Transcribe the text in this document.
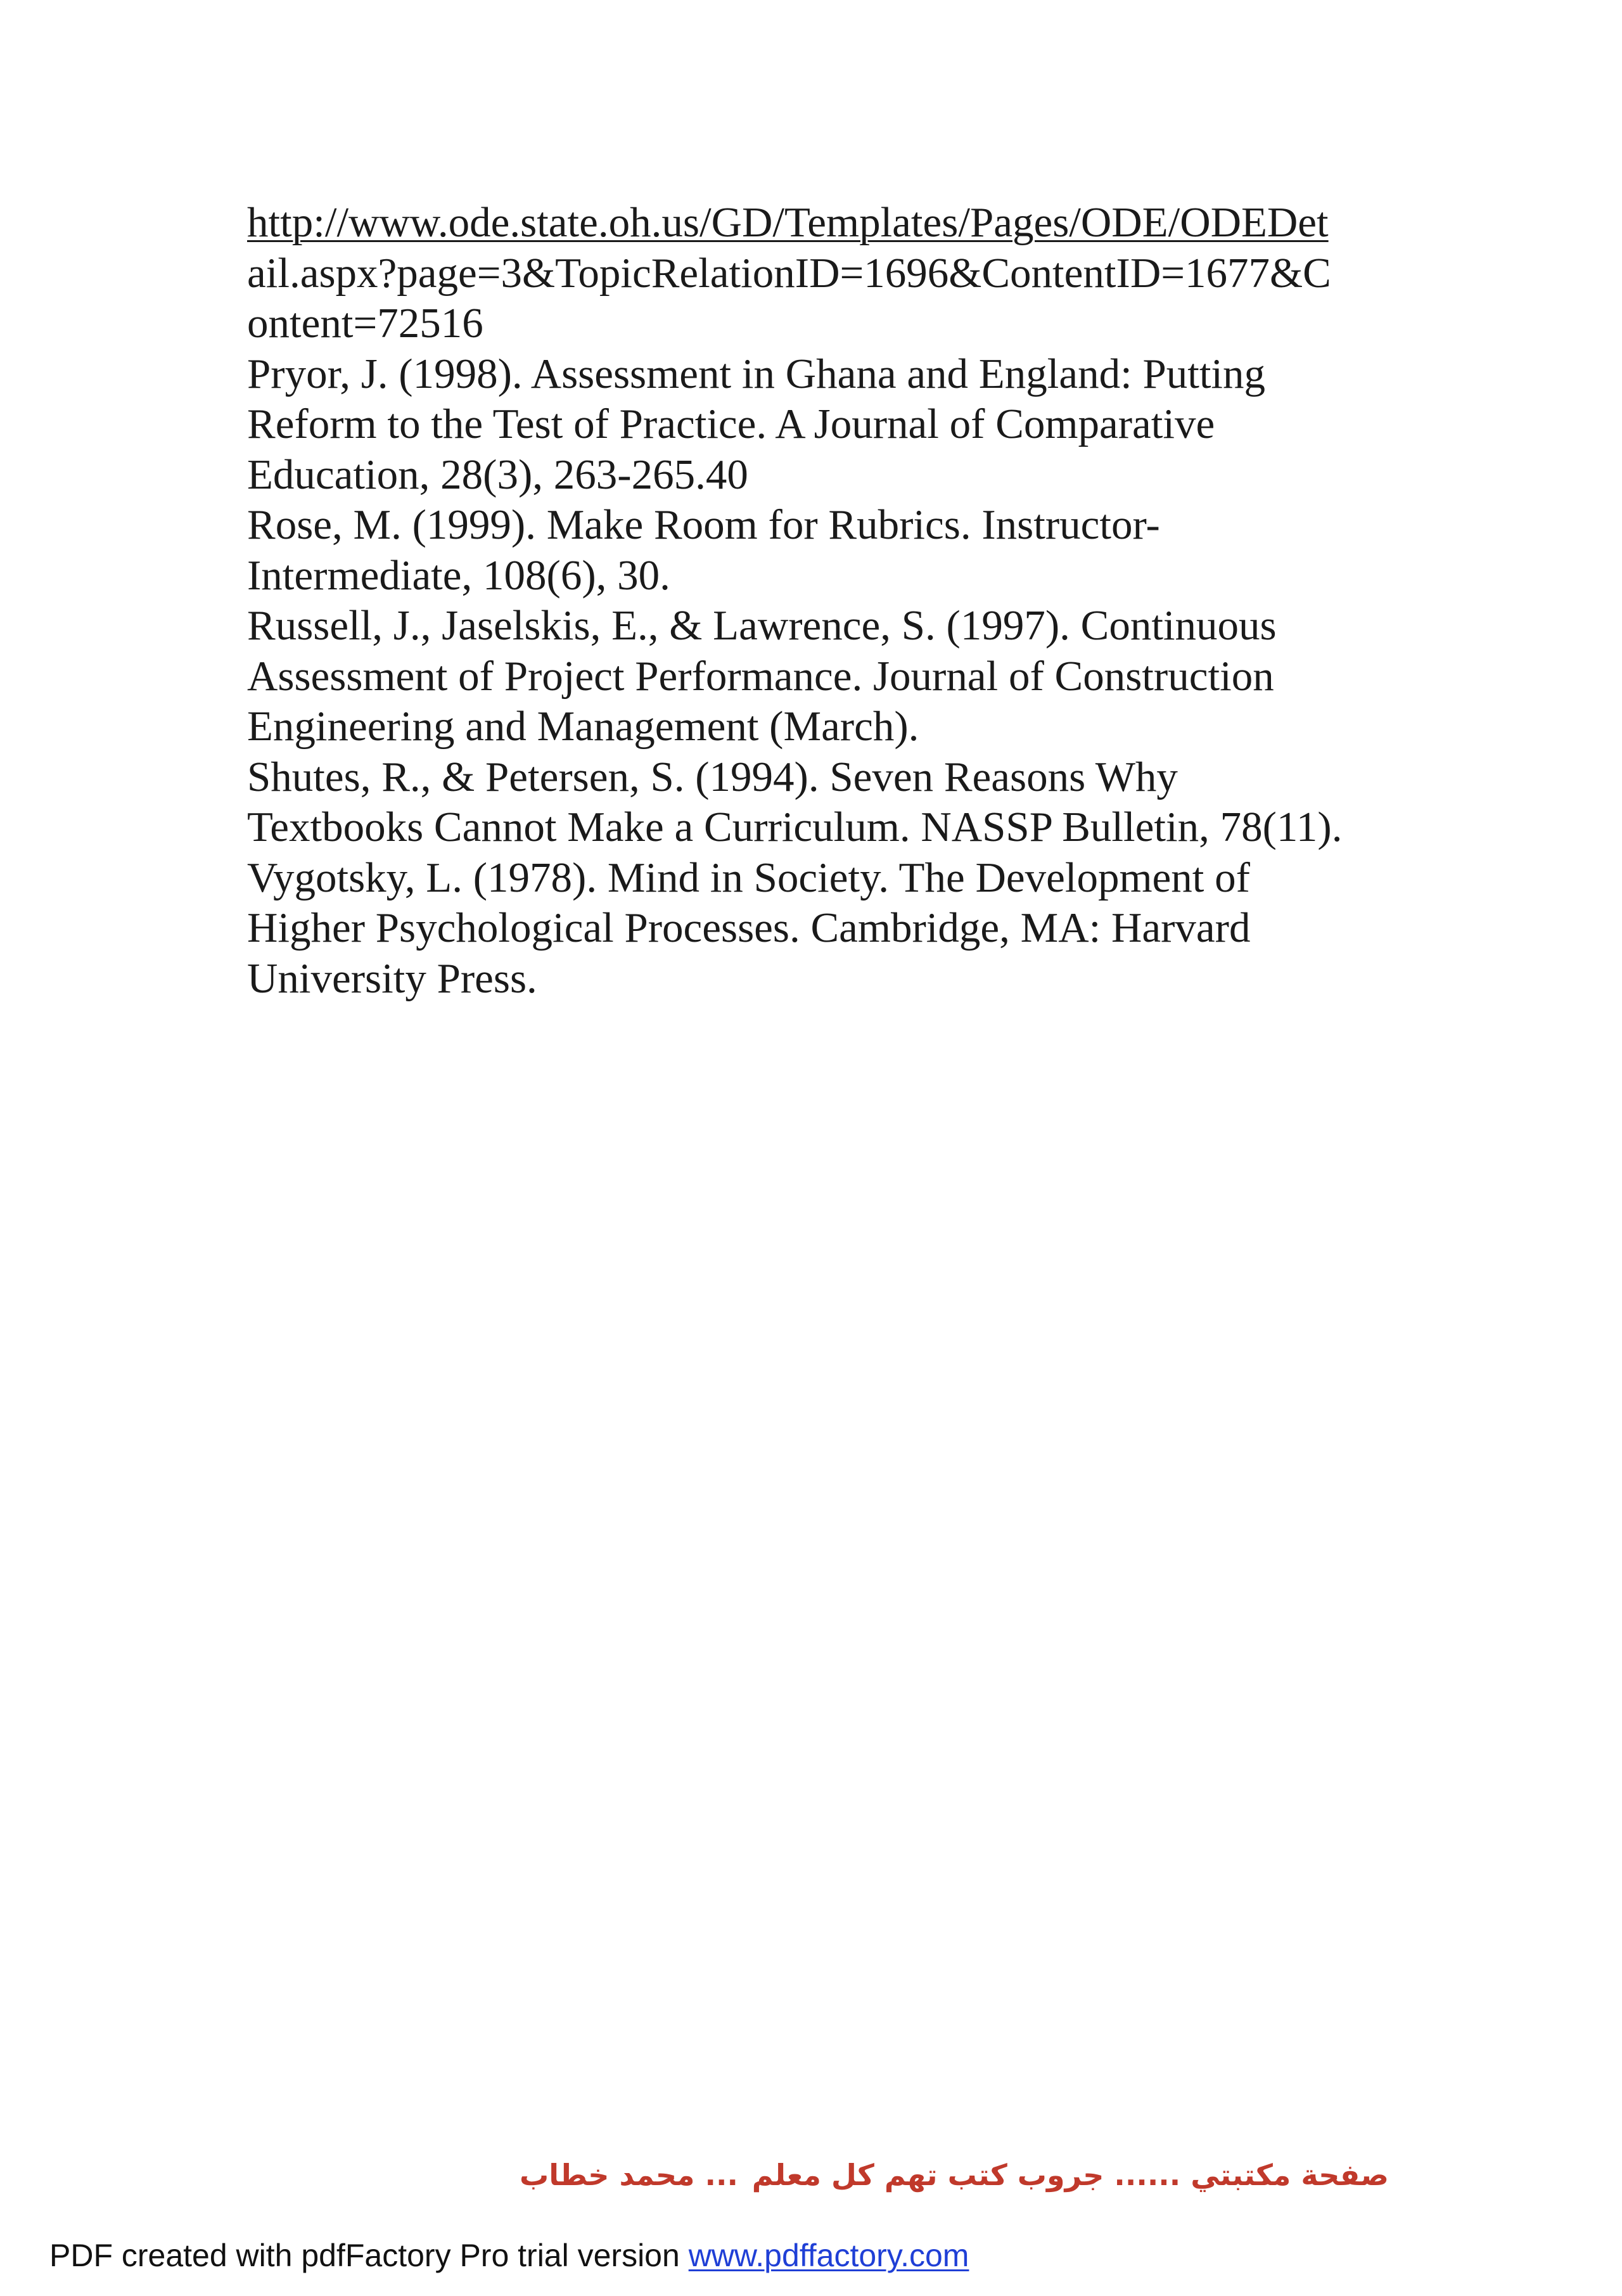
http://www.ode.state.oh.us/GD/Templates/Pages/ODE/ODEDet
ail.aspx?page=3&TopicRelationID=1696&ContentID=1677&C
ontent=72516
Pryor, J. (1998). Assessment in Ghana and England: Putting
Reform to the Test of Practice. A Journal of Comparative
Education, 28(3), 263-265.40
Rose, M. (1999). Make Room for Rubrics. Instructor-
Intermediate, 108(6), 30.
Russell, J., Jaselskis, E., & Lawrence, S. (1997). Continuous
Assessment of Project Performance. Journal of Construction
Engineering and Management (March).
Shutes, R., & Petersen, S. (1994). Seven Reasons Why
Textbooks Cannot Make a Curriculum. NASSP Bulletin, 78(11).
Vygotsky, L. (1978). Mind in Society. The Development of
Higher Psychological Processes. Cambridge, MA: Harvard
University Press.
صفحة مكتبتي ...... جروب كتب تهم كل معلم
... محمد خطاب
PDF created with pdfFactory Pro trial version www.pdffactory.com
